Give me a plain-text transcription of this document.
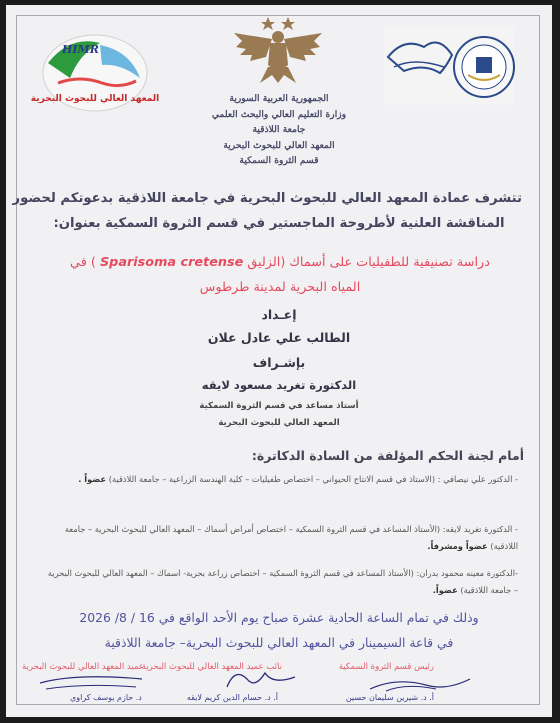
HIMR
المعهد العالي للبحوث البحرية	الجمهورية العربية السورية
وزارة التعليم العالي والبحث العلمي
جامعة اللاذقية
المعهد العالي للبحوث البحرية
قسم الثروة السمكية
تتشرف عمادة المعهد العالي للبحوث البحرية في جامعة اللاذقية بدعوتكم لحضور
المناقشة العلنية لأطروحة الماجستير في قسم الثروة السمكية بعنوان:
دراسة تصنيفية للطفيليات على أسماك (الزليق Sparisoma cretense ) في
المياه البحرية لمدينة طرطوس
إعـداد
الطالب علي عادل علان
بإشـراف
الدكتورة تغريد مسعود لايقه
أستاذ مساعد في قسم الثروة السمكية
المعهد العالي للبحوث البحرية
أمام لجنة الحكم المؤلفة من السادة الدكاترة:
- الدكتور علي نيصافي : (الاستاذ في قسم الانتاج الحيواني – اختصاص طفيليات – كلية الهندسة الزراعية – جامعة اللاذقية) عضواً .
- الدكتورة تغريد لايقه: (الأستاذ المساعد في قسم الثروة السمكية – اختصاص أمراض أسماك – المعهد العالي للبحوث البحرية – جامعة اللاذقية) عضواً ومشرفاً.
-الدكتورة معينه محمود بدران: (الأستاذ المساعد في قسم الثروة السمكية – اختصاص زراعة بحرية- اسماك – المعهد العالي للبحوث البحرية – جامعة اللاذقية) عضواً.
وذلك في تمام الساعة الحادية عشرة صباح يوم الأحد الواقع في 16 / 8/ 2026
في قاعة السيمينار في المعهد العالي للبحوث البحرية– جامعة اللاذقية
رئيس قسم الثروة السمكية
نائب عميد المعهد العالي للبحوث البحرية
عميد المعهد العالي للبحوث البحرية
أ. د. شيرين سليمان حسين
أ. د. حسام الدين كريم لايقه
د. حازم يوسف كراوي
